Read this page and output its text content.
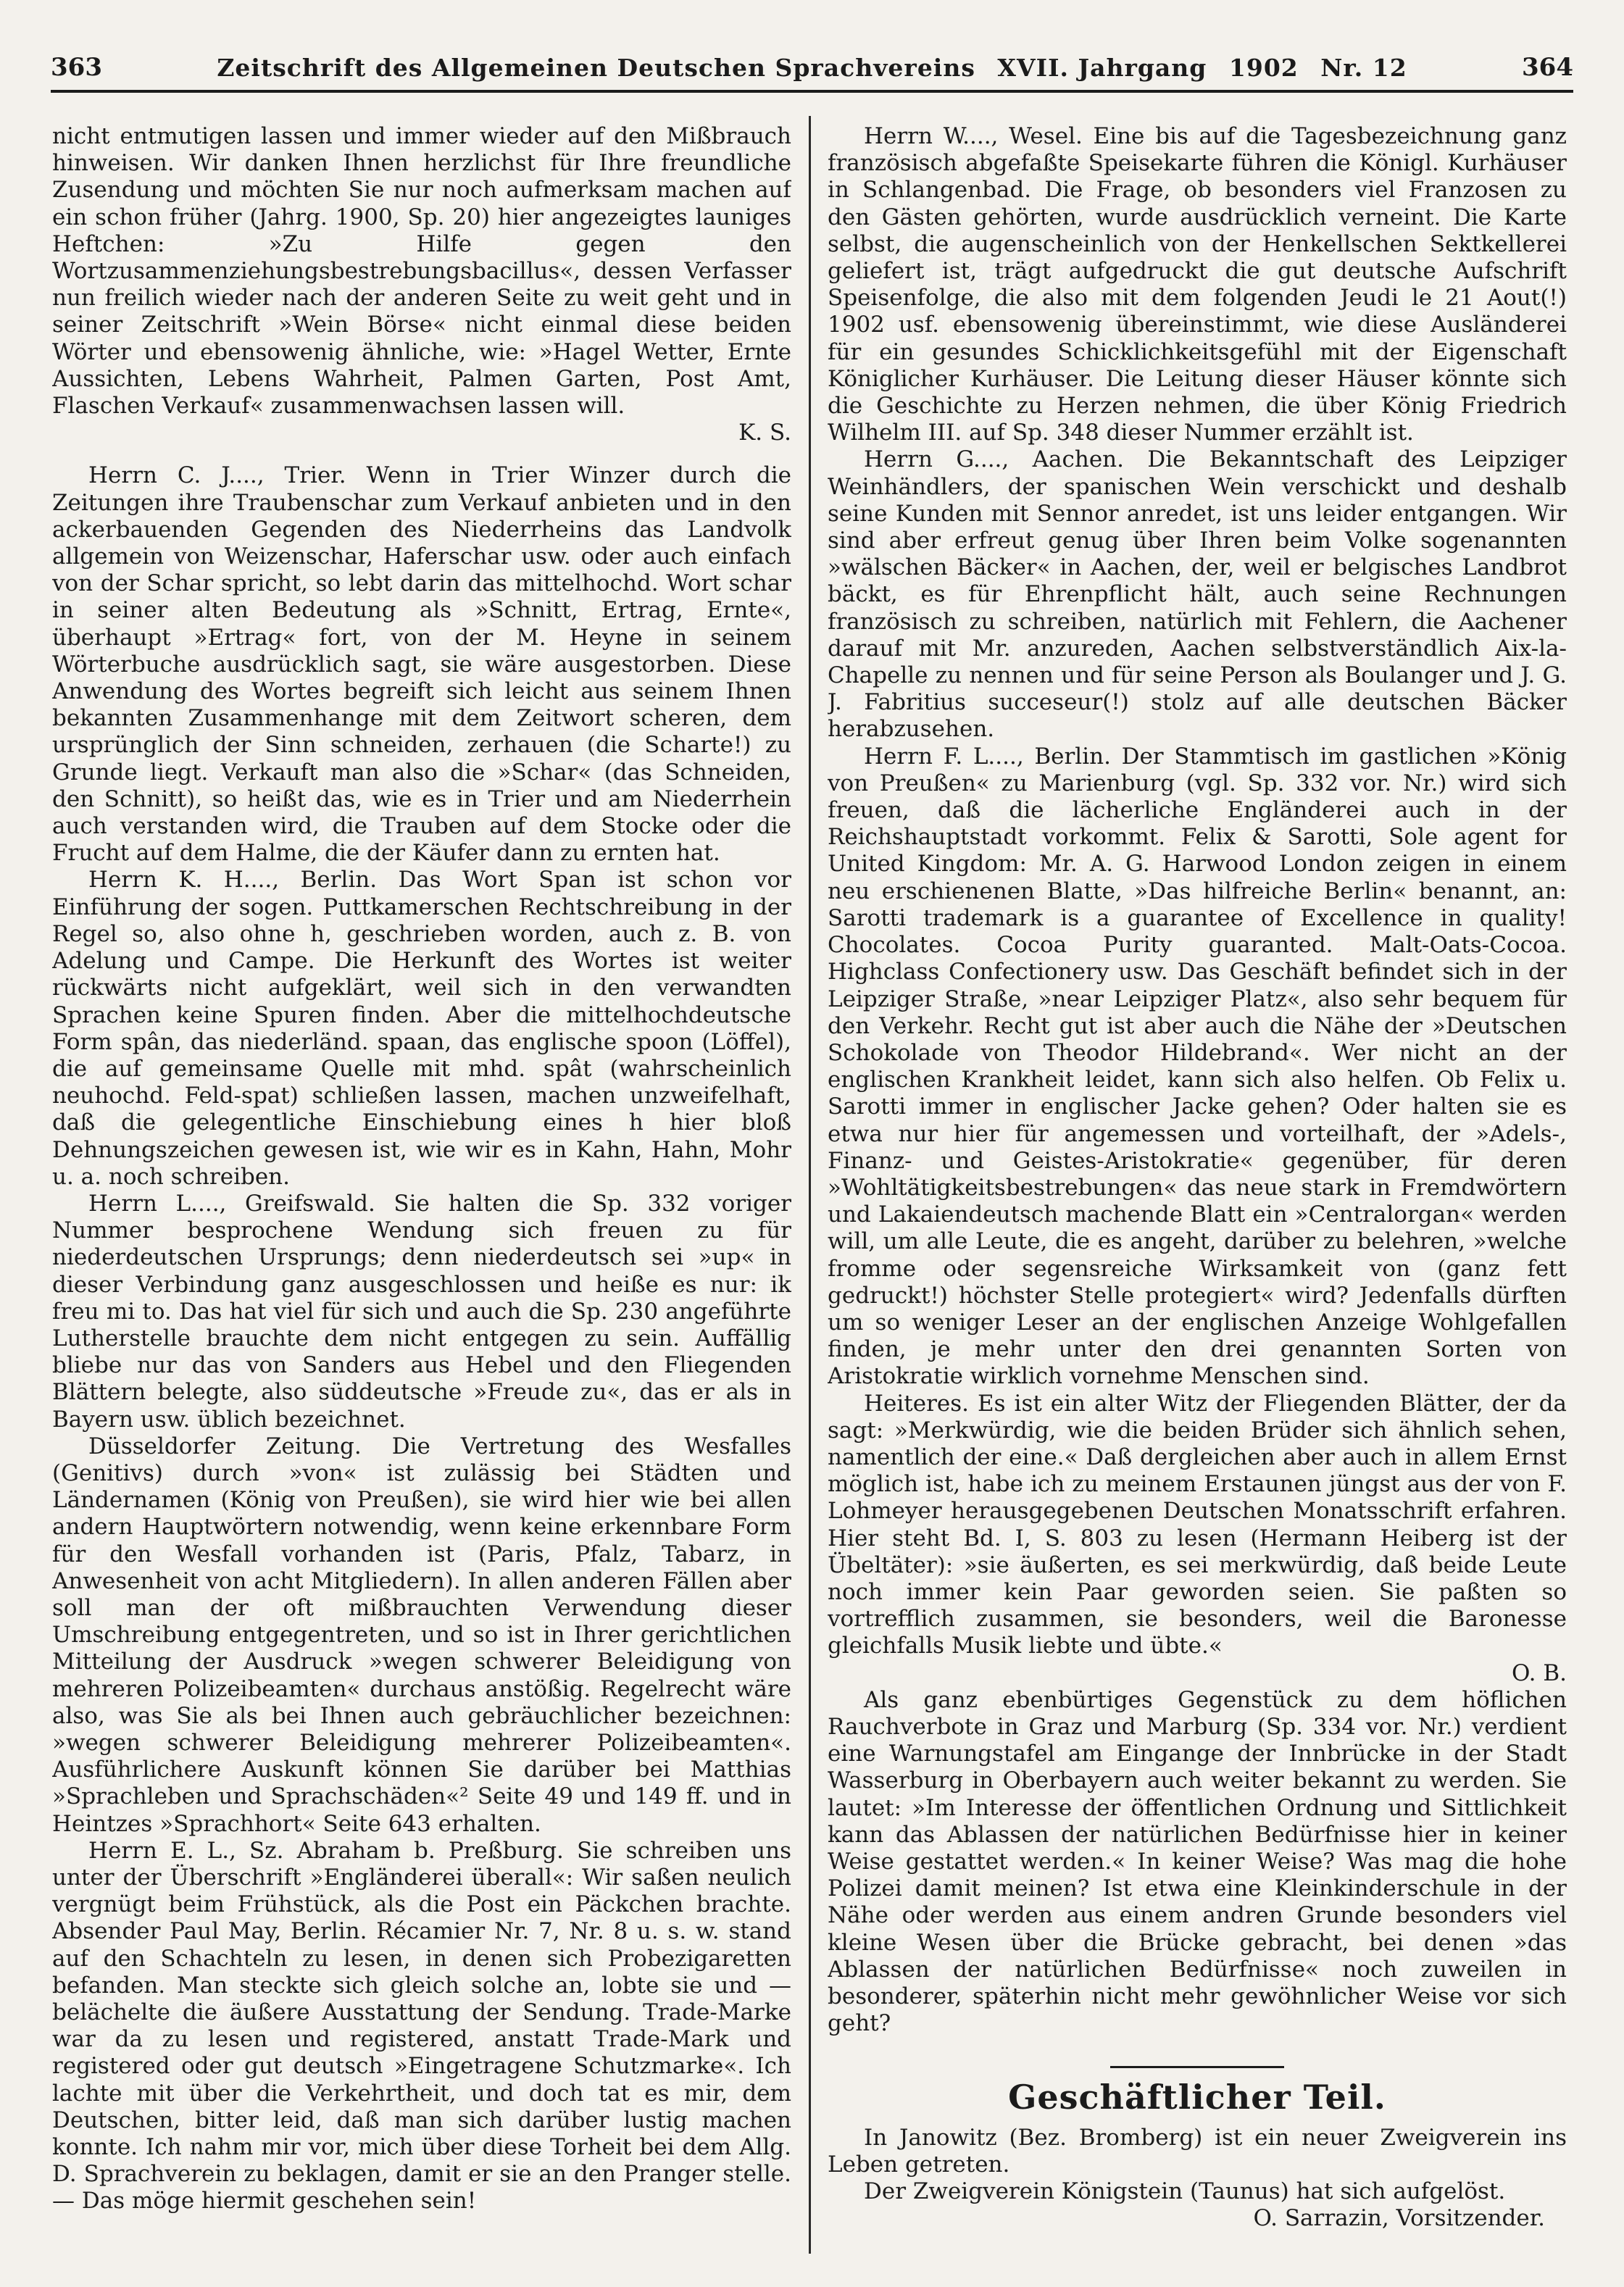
363	Zeitschrift des Allgemeinen Deutschen Sprachvereins XVII. Jahrgang 1902 Nr. 12	364

nicht entmutigen lassen und immer wieder auf den Mißbrauch hinweisen. Wir danken Ihnen herzlichst für Ihre freundliche Zusendung und möchten Sie nur noch aufmerksam machen auf ein schon früher (Jahrg. 1900, Sp. 20) hier angezeigtes launiges Heftchen: »Zu Hilfe gegen den Wortzusammenziehungsbestrebungsbacillus«, dessen Verfasser nun freilich wieder nach der anderen Seite zu weit geht und in seiner Zeitschrift »Wein Börse« nicht einmal diese beiden Wörter und ebensowenig ähnliche, wie: »Hagel Wetter, Ernte Aussichten, Lebens Wahrheit, Palmen Garten, Post Amt, Flaschen Verkauf« zusammenwachsen lassen will.

K. S.

Herrn C. J...., Trier. Wenn in Trier Winzer durch die Zeitungen ihre Traubenschar zum Verkauf anbieten und in den ackerbauenden Gegenden des Niederrheins das Landvolk allgemein von Weizenschar, Haferschar usw. oder auch einfach von der Schar spricht, so lebt darin das mittelhochd. Wort schar in seiner alten Bedeutung als »Schnitt, Ertrag, Ernte«, überhaupt »Ertrag« fort, von der M. Heyne in seinem Wörterbuche ausdrücklich sagt, sie wäre ausgestorben. Diese Anwendung des Wortes begreift sich leicht aus seinem Ihnen bekannten Zusammenhange mit dem Zeitwort scheren, dem ursprünglich der Sinn schneiden, zerhauen (die Scharte!) zu Grunde liegt. Verkauft man also die »Schar« (das Schneiden, den Schnitt), so heißt das, wie es in Trier und am Niederrhein auch verstanden wird, die Trauben auf dem Stocke oder die Frucht auf dem Halme, die der Käufer dann zu ernten hat.

Herrn K. H...., Berlin. Das Wort Span ist schon vor Einführung der sogen. Puttkamerschen Rechtschreibung in der Regel so, also ohne h, geschrieben worden, auch z. B. von Adelung und Campe. Die Herkunft des Wortes ist weiter rückwärts nicht aufgeklärt, weil sich in den verwandten Sprachen keine Spuren finden. Aber die mittelhochdeutsche Form spân, das niederländ. spaan, das englische spoon (Löffel), die auf gemeinsame Quelle mit mhd. spât (wahrscheinlich neuhochd. Feld-spat) schließen lassen, machen unzweifelhaft, daß die gelegentliche Einschiebung eines h hier bloß Dehnungszeichen gewesen ist, wie wir es in Kahn, Hahn, Mohr u. a. noch schreiben.

Herrn L...., Greifswald. Sie halten die Sp. 332 voriger Nummer besprochene Wendung sich freuen zu für niederdeutschen Ursprungs; denn niederdeutsch sei »up« in dieser Verbindung ganz ausgeschlossen und heiße es nur: ik freu mi to. Das hat viel für sich und auch die Sp. 230 angeführte Lutherstelle brauchte dem nicht entgegen zu sein. Auffällig bliebe nur das von Sanders aus Hebel und den Fliegenden Blättern belegte, also süddeutsche »Freude zu«, das er als in Bayern usw. üblich bezeichnet.

Düsseldorfer Zeitung. Die Vertretung des Wesfalles (Genitivs) durch »von« ist zulässig bei Städten und Ländernamen (König von Preußen), sie wird hier wie bei allen andern Hauptwörtern notwendig, wenn keine erkennbare Form für den Wesfall vorhanden ist (Paris, Pfalz, Tabarz, in Anwesenheit von acht Mitgliedern). In allen anderen Fällen aber soll man der oft mißbrauchten Verwendung dieser Umschreibung entgegentreten, und so ist in Ihrer gerichtlichen Mitteilung der Ausdruck »wegen schwerer Beleidigung von mehreren Polizeibeamten« durchaus anstößig. Regelrecht wäre also, was Sie als bei Ihnen auch gebräuchlicher bezeichnen: »wegen schwerer Beleidigung mehrerer Polizeibeamten«. Ausführlichere Auskunft können Sie darüber bei Matthias »Sprachleben und Sprachschäden«² Seite 49 und 149 ff. und in Heintzes »Sprachhort« Seite 643 erhalten.

Herrn E. L., Sz. Abraham b. Preßburg. Sie schreiben uns unter der Überschrift »Engländerei überall«: Wir saßen neulich vergnügt beim Frühstück, als die Post ein Päckchen brachte. Absender Paul May, Berlin. Récamier Nr. 7, Nr. 8 u. s. w. stand auf den Schachteln zu lesen, in denen sich Probezigaretten befanden. Man steckte sich gleich solche an, lobte sie und — belächelte die äußere Ausstattung der Sendung. Trade-Marke war da zu lesen und registered, anstatt Trade-Mark und registered oder gut deutsch »Eingetragene Schutzmarke«. Ich lachte mit über die Verkehrtheit, und doch tat es mir, dem Deutschen, bitter leid, daß man sich darüber lustig machen konnte. Ich nahm mir vor, mich über diese Torheit bei dem Allg. D. Sprachverein zu beklagen, damit er sie an den Pranger stelle. — Das möge hiermit geschehen sein!

Herrn W...., Wesel. Eine bis auf die Tagesbezeichnung ganz französisch abgefaßte Speisekarte führen die Königl. Kurhäuser in Schlangenbad. Die Frage, ob besonders viel Franzosen zu den Gästen gehörten, wurde ausdrücklich verneint. Die Karte selbst, die augenscheinlich von der Henkellschen Sektkellerei geliefert ist, trägt aufgedruckt die gut deutsche Aufschrift Speisenfolge, die also mit dem folgenden Jeudi le 21 Aout(!) 1902 usf. ebensowenig übereinstimmt, wie diese Ausländerei für ein gesundes Schicklichkeitsgefühl mit der Eigenschaft Königlicher Kurhäuser. Die Leitung dieser Häuser könnte sich die Geschichte zu Herzen nehmen, die über König Friedrich Wilhelm III. auf Sp. 348 dieser Nummer erzählt ist.

Herrn G...., Aachen. Die Bekanntschaft des Leipziger Weinhändlers, der spanischen Wein verschickt und deshalb seine Kunden mit Sennor anredet, ist uns leider entgangen. Wir sind aber erfreut genug über Ihren beim Volke sogenannten »wälschen Bäcker« in Aachen, der, weil er belgisches Landbrot bäckt, es für Ehrenpflicht hält, auch seine Rechnungen französisch zu schreiben, natürlich mit Fehlern, die Aachener darauf mit Mr. anzureden, Aachen selbstverständlich Aix-la-Chapelle zu nennen und für seine Person als Boulanger und J. G. J. Fabritius succeseur(!) stolz auf alle deutschen Bäcker herabzusehen.

Herrn F. L...., Berlin. Der Stammtisch im gastlichen »König von Preußen« zu Marienburg (vgl. Sp. 332 vor. Nr.) wird sich freuen, daß die lächerliche Engländerei auch in der Reichshauptstadt vorkommt. Felix & Sarotti, Sole agent for United Kingdom: Mr. A. G. Harwood London zeigen in einem neu erschienenen Blatte, »Das hilfreiche Berlin« benannt, an: Sarotti trademark is a guarantee of Excellence in quality! Chocolates. Cocoa Purity guaranted. Malt-Oats-Cocoa. Highclass Confectionery usw. Das Geschäft befindet sich in der Leipziger Straße, »near Leipziger Platz«, also sehr bequem für den Verkehr. Recht gut ist aber auch die Nähe der »Deutschen Schokolade von Theodor Hildebrand«. Wer nicht an der englischen Krankheit leidet, kann sich also helfen. Ob Felix u. Sarotti immer in englischer Jacke gehen? Oder halten sie es etwa nur hier für angemessen und vorteilhaft, der »Adels-, Finanz- und Geistes-Aristokratie« gegenüber, für deren »Wohltätigkeitsbestrebungen« das neue stark in Fremdwörtern und Lakaiendeutsch machende Blatt ein »Centralorgan« werden will, um alle Leute, die es angeht, darüber zu belehren, »welche fromme oder segensreiche Wirksamkeit von (ganz fett gedruckt!) höchster Stelle protegiert« wird? Jedenfalls dürften um so weniger Leser an der englischen Anzeige Wohlgefallen finden, je mehr unter den drei genannten Sorten von Aristokratie wirklich vornehme Menschen sind.

Heiteres. Es ist ein alter Witz der Fliegenden Blätter, der da sagt: »Merkwürdig, wie die beiden Brüder sich ähnlich sehen, namentlich der eine.« Daß dergleichen aber auch in allem Ernst möglich ist, habe ich zu meinem Erstaunen jüngst aus der von F. Lohmeyer herausgegebenen Deutschen Monatsschrift erfahren. Hier steht Bd. I, S. 803 zu lesen (Hermann Heiberg ist der Übeltäter): »sie äußerten, es sei merkwürdig, daß beide Leute noch immer kein Paar geworden seien. Sie paßten so vortrefflich zusammen, sie besonders, weil die Baronesse gleichfalls Musik liebte und übte.«

O. B.

Als ganz ebenbürtiges Gegenstück zu dem höflichen Rauchverbote in Graz und Marburg (Sp. 334 vor. Nr.) verdient eine Warnungstafel am Eingange der Innbrücke in der Stadt Wasserburg in Oberbayern auch weiter bekannt zu werden. Sie lautet: »Im Interesse der öffentlichen Ordnung und Sittlichkeit kann das Ablassen der natürlichen Bedürfnisse hier in keiner Weise gestattet werden.« In keiner Weise? Was mag die hohe Polizei damit meinen? Ist etwa eine Kleinkinderschule in der Nähe oder werden aus einem andren Grunde besonders viel kleine Wesen über die Brücke gebracht, bei denen »das Ablassen der natürlichen Bedürfnisse« noch zuweilen in besonderer, späterhin nicht mehr gewöhnlicher Weise vor sich geht?

Geschäftlicher Teil.

In Janowitz (Bez. Bromberg) ist ein neuer Zweigverein ins Leben getreten.

Der Zweigverein Königstein (Taunus) hat sich aufgelöst.

O. Sarrazin, Vorsitzender.
